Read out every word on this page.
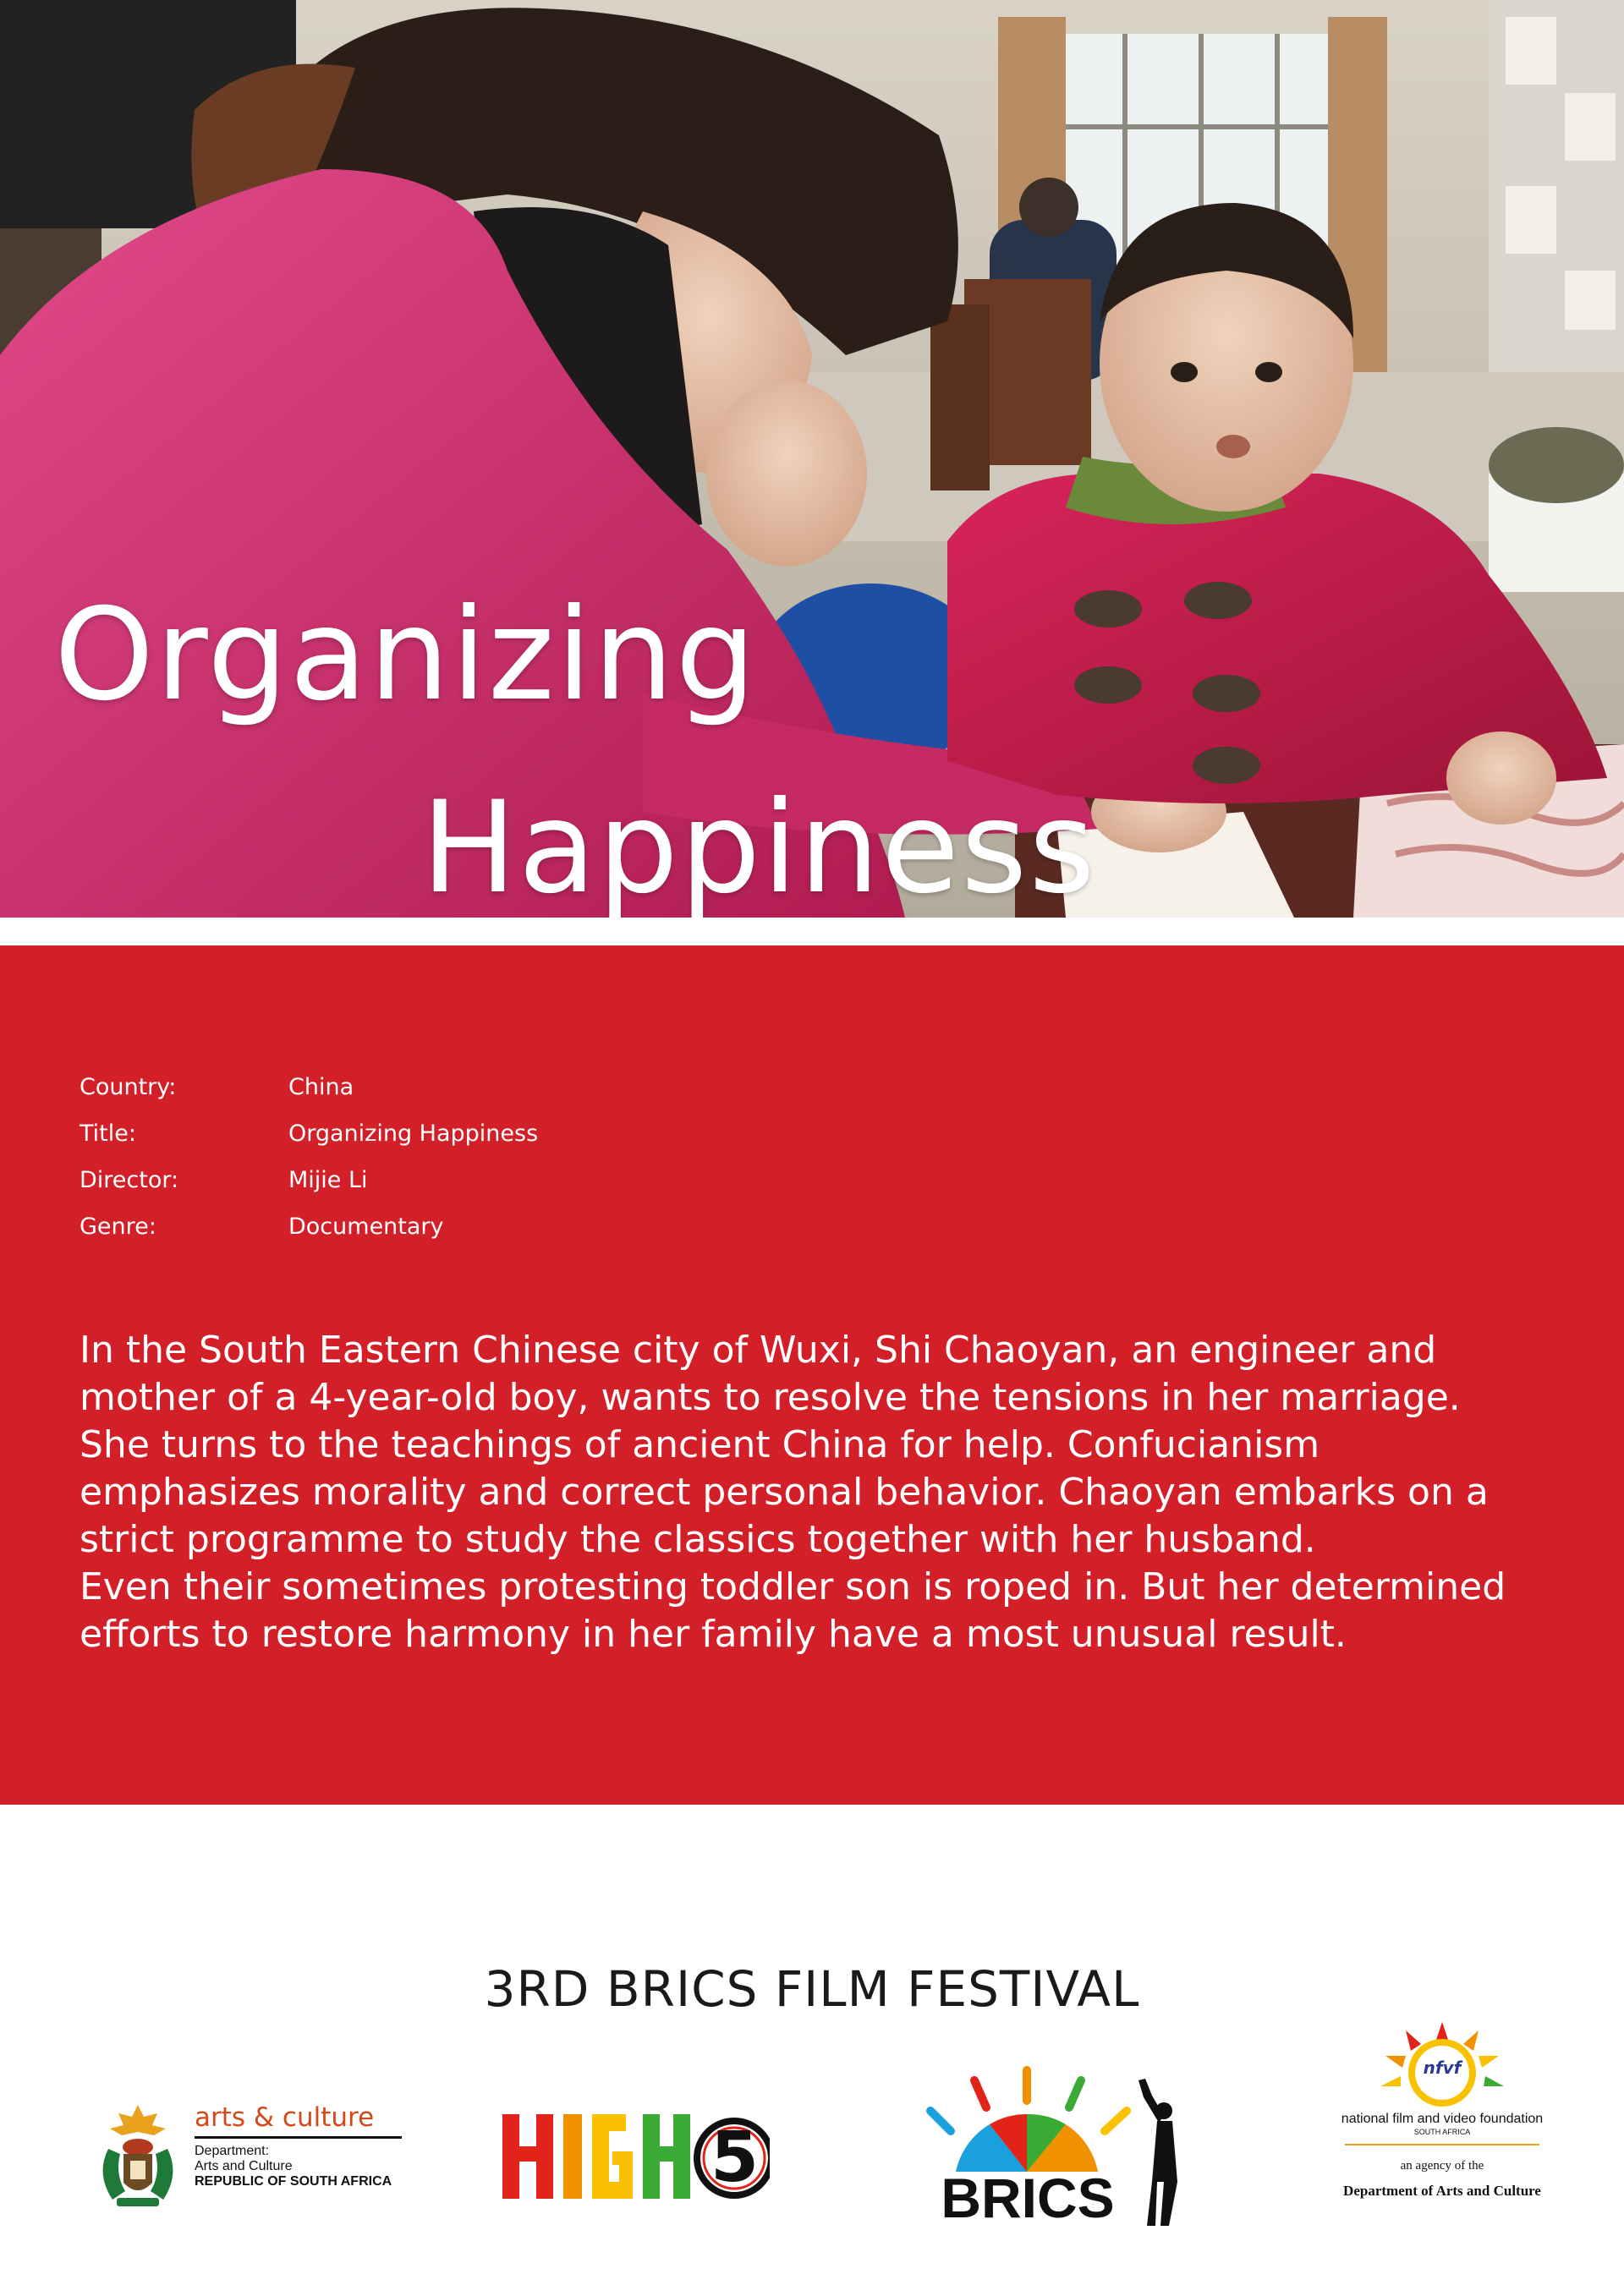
Organizing
Happiness
Country:	China
Title:	Organizing Happiness
Director:	Mijie Li
Genre:	Documentary

In the South Eastern Chinese city of Wuxi, Shi Chaoyan, an engineer and
mother of a 4-year-old boy, wants to resolve the tensions in her marriage.
She turns to the teachings of ancient China for help. Confucianism
emphasizes morality and correct personal behavior. Chaoyan embarks on a
strict programme to study the classics together with her husband.
Even their sometimes protesting toddler son is roped in. But her determined
efforts to restore harmony in her family have a most unusual result.

3RD BRICS FILM FESTIVAL
arts & culture
Department:
Arts and Culture
REPUBLIC OF SOUTH AFRICA	5	BRICS
nfvf
national film and video foundation
SOUTH AFRICA
an agency of the
Department of Arts and Culture
